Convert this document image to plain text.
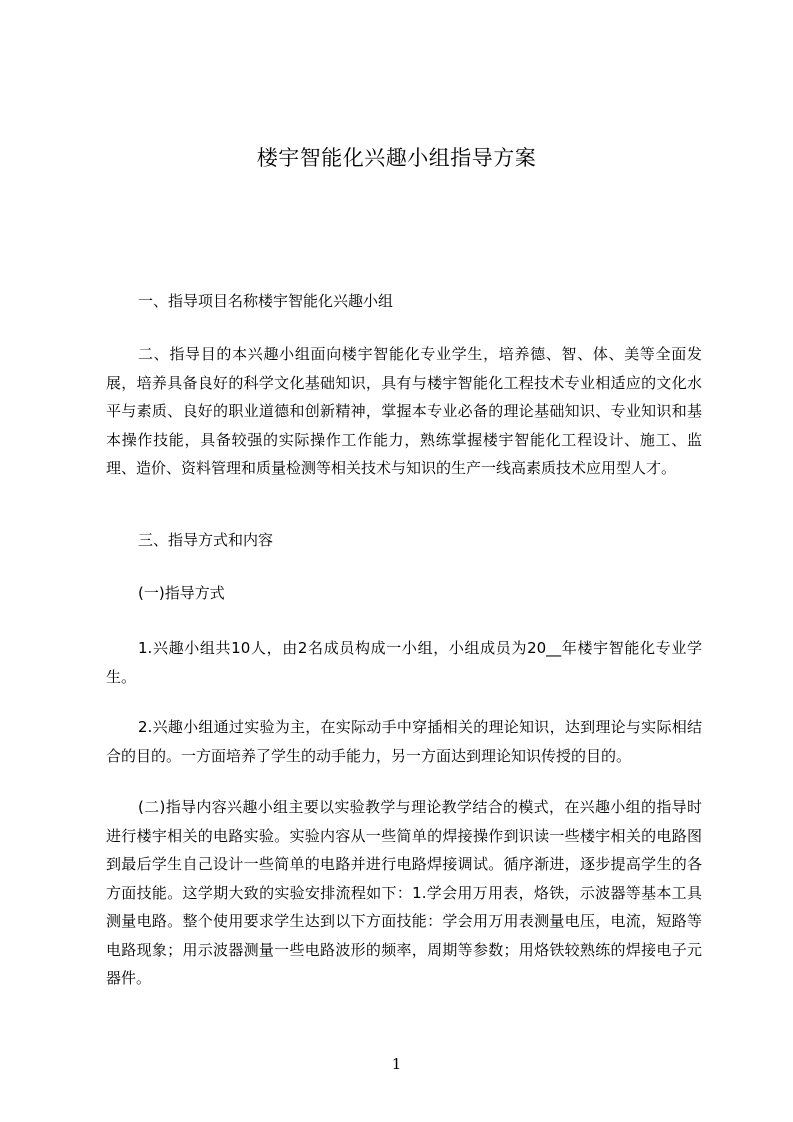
楼宇智能化兴趣小组指导方案

一、指导项目名称楼宇智能化兴趣小组

二、指导目的本兴趣小组面向楼宇智能化专业学生，培养德、智、体、美等全面发展，培养具备良好的科学文化基础知识，具有与楼宇智能化工程技术专业相适应的文化水平与素质、良好的职业道德和创新精神，掌握本专业必备的理论基础知识、专业知识和基本操作技能，具备较强的实际操作工作能力，熟练掌握楼宇智能化工程设计、施工、监理、造价、资料管理和质量检测等相关技术与知识的生产一线高素质技术应用型人才。

三、指导方式和内容

(一)指导方式

1.兴趣小组共10人，由2名成员构成一小组，小组成员为20__年楼宇智能化专业学生。

2.兴趣小组通过实验为主，在实际动手中穿插相关的理论知识，达到理论与实际相结合的目的。一方面培养了学生的动手能力，另一方面达到理论知识传授的目的。

(二)指导内容兴趣小组主要以实验教学与理论教学结合的模式，在兴趣小组的指导时进行楼宇相关的电路实验。实验内容从一些简单的焊接操作到识读一些楼宇相关的电路图到最后学生自己设计一些简单的电路并进行电路焊接调试。循序渐进，逐步提高学生的各方面技能。这学期大致的实验安排流程如下：1.学会用万用表，烙铁，示波器等基本工具测量电路。整个使用要求学生达到以下方面技能：学会用万用表测量电压，电流，短路等电路现象；用示波器测量一些电路波形的频率，周期等参数；用烙铁较熟练的焊接电子元器件。

1
